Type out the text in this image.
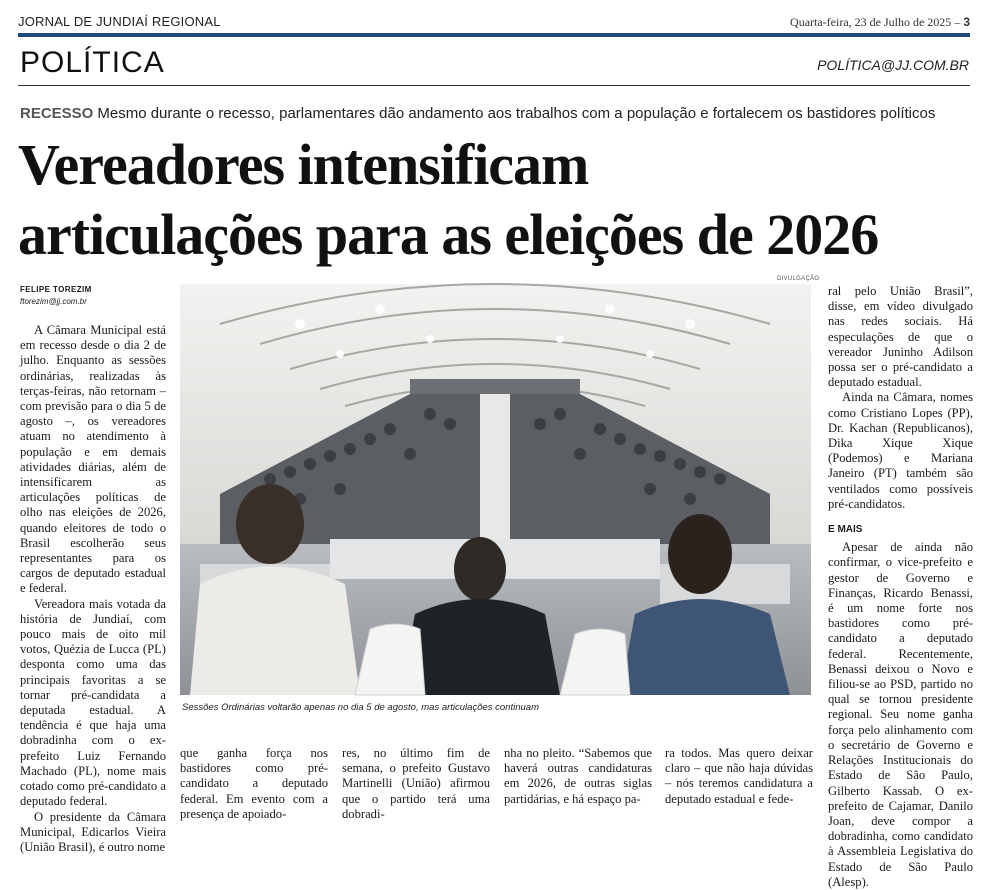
JORNAL DE JUNDIAÍ REGIONAL	Quarta-feira, 23 de Julho de 2025 – 3
POLÍTICA	POLÍTICA@JJ.COM.BR
RECESSO Mesmo durante o recesso, parlamentares dão andamento aos trabalhos com a população e fortalecem os bastidores políticos
Vereadores intensificam
articulações para as eleições de 2026
FELIPE TOREZIM
ftorezim@jj.com.br

A Câmara Municipal está em recesso desde o dia 2 de julho. Enquanto as sessões ordinárias, realizadas às terças-feiras, não retornam – com previsão para o dia 5 de agosto –, os vereadores atuam no atendimento à população e em demais atividades diárias, além de intensificarem as articulações políticas de olho nas eleições de 2026, quando eleitores de todo o Brasil escolherão seus representantes para os cargos de deputado estadual e federal.

Vereadora mais votada da história de Jundiaí, com pouco mais de oito mil votos, Quézia de Lucca (PL) desponta como uma das principais favoritas a se tornar pré-candidata a deputada estadual. A tendência é que haja uma dobradinha com o ex-prefeito Luiz Fernando Machado (PL), nome mais cotado como pré-candidato a deputado federal.

O presidente da Câmara Municipal, Edicarlos Vieira (União Brasil), é outro nome

DIVULGAÇÃO
Sessões Ordinárias voltarão apenas no dia 5 de agosto, mas articulações continuam
que ganha força nos bastidores como pré-candidato a deputado federal. Em evento com a presença de apoiado-
res, no último fim de semana, o prefeito Gustavo Martinelli (União) afirmou que o partido terá uma dobradi-
nha no pleito. “Sabemos que haverá outras candidaturas em 2026, de outras siglas partidárias, e há espaço pa-
ra todos. Mas quero deixar claro – que não haja dúvidas – nós teremos candidatura a deputado estadual e fede-

ral pelo União Brasil”, disse, em vídeo divulgado nas redes sociais. Há especulações de que o vereador Juninho Adilson possa ser o pré-candidato a deputado estadual.

Ainda na Câmara, nomes como Cristiano Lopes (PP), Dr. Kachan (Republicanos), Dika Xique Xique (Podemos) e Mariana Janeiro (PT) também são ventilados como possíveis pré-candidatos.

E MAIS

Apesar de ainda não confirmar, o vice-prefeito e gestor de Governo e Finanças, Ricardo Benassi, é um nome forte nos bastidores como pré-candidato a deputado federal. Recentemente, Benassi deixou o Novo e filiou-se ao PSD, partido no qual se tornou presidente regional. Seu nome ganha força pelo alinhamento com o secretário de Governo e Relações Institucionais do Estado de São Paulo, Gilberto Kassab. O ex-prefeito de Cajamar, Danilo Joan, deve compor a dobradinha, como candidato à Assembleia Legislativa do Estado de São Paulo (Alesp).
